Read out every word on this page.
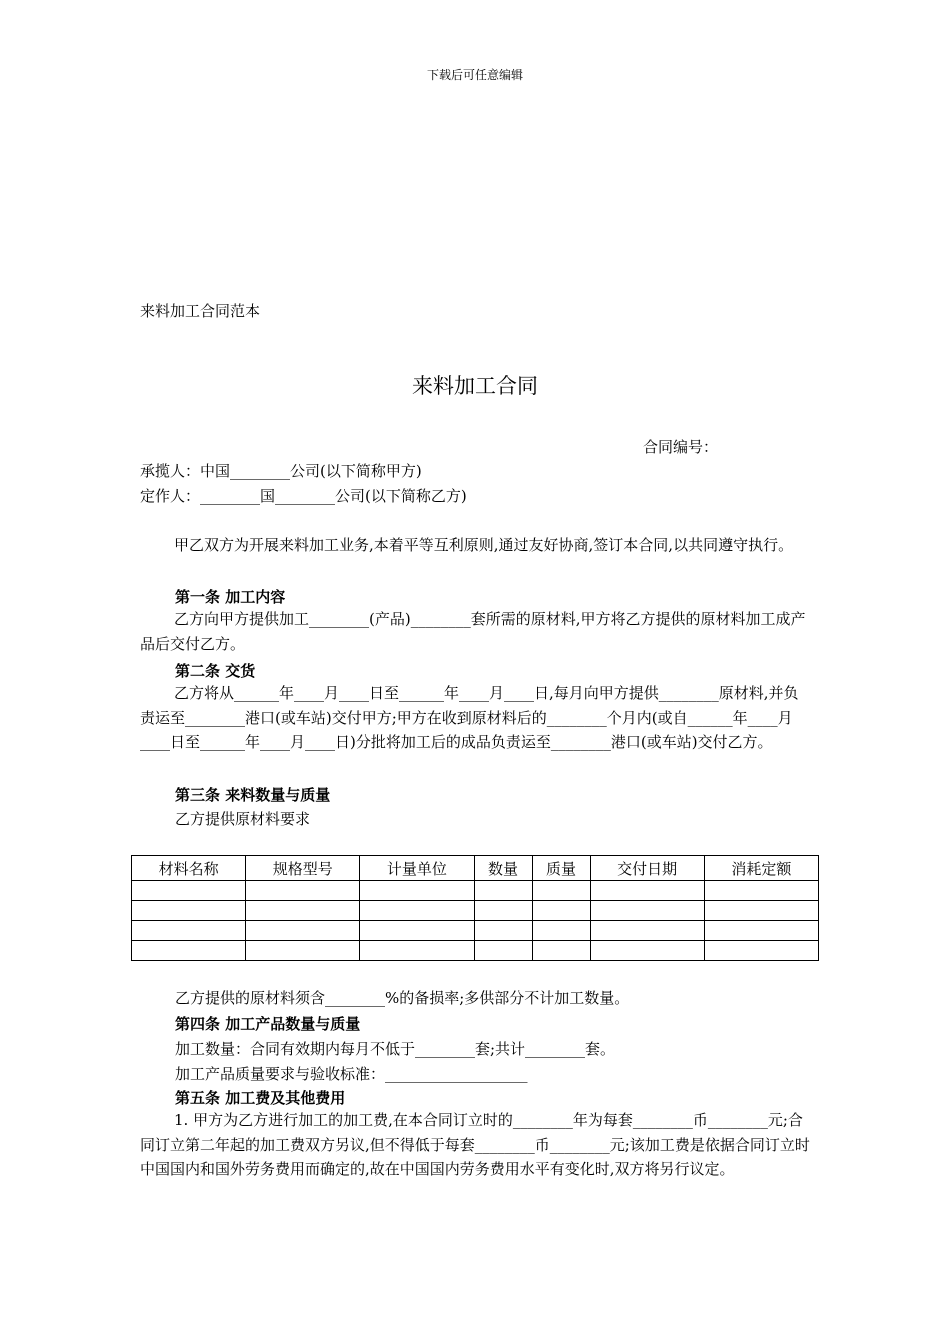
下载后可任意编辑
来料加工合同范本
来料加工合同
合同编号：
承揽人：中国________公司(以下简称甲方)
定作人：________国________公司(以下简称乙方)
甲乙双方为开展来料加工业务,本着平等互利原则,通过友好协商,签订本合同,以共同遵守执行。
第一条 加工内容
乙方向甲方提供加工________(产品)________套所需的原材料,甲方将乙方提供的原材料加工成产品后交付乙方。
第二条 交货
乙方将从______年____月____日至______年____月____日,每月向甲方提供________原材料,并负责运至________港口(或车站)交付甲方;甲方在收到原材料后的________个月内(或自______年____月____日至______年____月____日)分批将加工后的成品负责运至________港口(或车站)交付乙方。
第三条 来料数量与质量
乙方提供原材料要求
材料名称	规格型号	计量单位	数量	质量	交付日期	消耗定额

乙方提供的原材料须含________%的备损率;多供部分不计加工数量。
第四条 加工产品数量与质量
加工数量：合同有效期内每月不低于________套;共计________套。
加工产品质量要求与验收标准：___________________
第五条 加工费及其他费用
1. 甲方为乙方进行加工的加工费,在本合同订立时的________年为每套________币________元;合同订立第二年起的加工费双方另议,但不得低于每套________币________元;该加工费是依据合同订立时中国国内和国外劳务费用而确定的,故在中国国内劳务费用水平有变化时,双方将另行议定。
